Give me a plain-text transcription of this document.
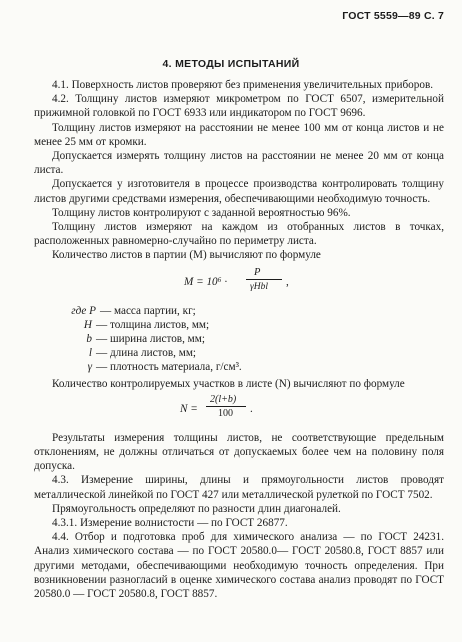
ГОСТ 5559—89 С. 7
4. МЕТОДЫ ИСПЫТАНИЙ

4.1. Поверхность листов проверяют без применения увеличительных приборов.

4.2. Толщину листов измеряют микрометром по ГОСТ 6507, измерительной прижимной головкой по ГОСТ 6933 или индикатором по ГОСТ 9696.

Толщину листов измеряют на расстоянии не менее 100 мм от конца листов и не менее 25 мм от кромки.

Допускается измерять толщину листов на расстоянии не менее 20 мм от конца листа.

Допускается у изготовителя в процессе производства контролировать толщину листов другими средствами измерения, обеспечивающими необходимую точность.

Толщину листов контролируют с заданной вероятностью 96%.

Толщину листов измеряют на каждом из отобранных листов в точках, расположенных равномерно-случайно по периметру листа.

Количество листов в партии (M) вычисляют по формуле

M = 10⁶ ·
P
γHbl ,
где P — масса партии, кг;
H — толщина листов, мм;
b — ширина листов, мм;
l — длина листов, мм;
γ — плотность материала, г/см³.

Количество контролируемых участков в листе (N) вычисляют по формуле

N =
2(l+b)
100 .

Результаты измерения толщины листов, не соответствующие предельным отклонениям, не должны отличаться от допускаемых более чем на половину поля допуска.

4.3. Измерение ширины, длины и прямоугольности листов проводят металлической линейкой по ГОСТ 427 или металлической рулеткой по ГОСТ 7502.

Прямоугольность определяют по разности длин диагоналей.

4.3.1. Измерение волнистости — по ГОСТ 26877.

4.4. Отбор и подготовка проб для химического анализа — по ГОСТ 24231. Анализ химического состава — по ГОСТ 20580.0— ГОСТ 20580.8, ГОСТ 8857 или другими методами, обеспечивающими необходимую точность определения. При возникновении разногласий в оценке химического состава анализ проводят по ГОСТ 20580.0 — ГОСТ 20580.8, ГОСТ 8857.
